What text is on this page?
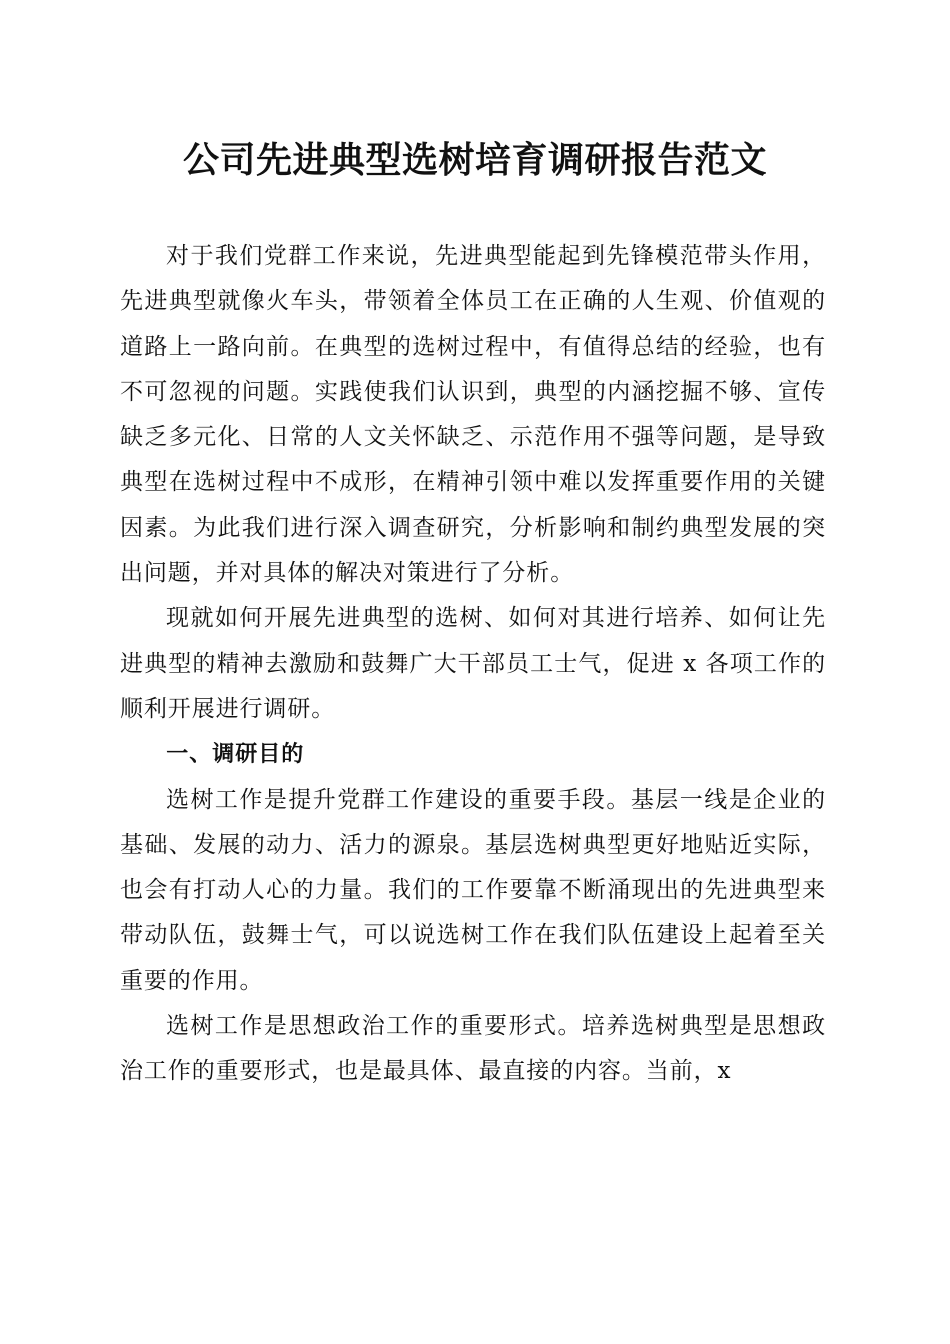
公司先进典型选树培育调研报告范文

对于我们党群工作来说，先进典型能起到先锋模范带头作用，先进典型就像火车头，带领着全体员工在正确的人生观、价值观的道路上一路向前。在典型的选树过程中，有值得总结的经验，也有不可忽视的问题。实践使我们认识到，典型的内涵挖掘不够、宣传缺乏多元化、日常的人文关怀缺乏、示范作用不强等问题，是导致典型在选树过程中不成形，在精神引领中难以发挥重要作用的关键因素。为此我们进行深入调查研究，分析影响和制约典型发展的突出问题，并对具体的解决对策进行了分析。

现就如何开展先进典型的选树、如何对其进行培养、如何让先进典型的精神去激励和鼓舞广大干部员工士气，促进 x 各项工作的顺利开展进行调研。

一、调研目的

选树工作是提升党群工作建设的重要手段。基层一线是企业的基础、发展的动力、活力的源泉。基层选树典型更好地贴近实际，也会有打动人心的力量。我们的工作要靠不断涌现出的先进典型来带动队伍，鼓舞士气，可以说选树工作在我们队伍建设上起着至关重要的作用。

选树工作是思想政治工作的重要形式。培养选树典型是思想政治工作的重要形式，也是最具体、最直接的内容。当前，x
